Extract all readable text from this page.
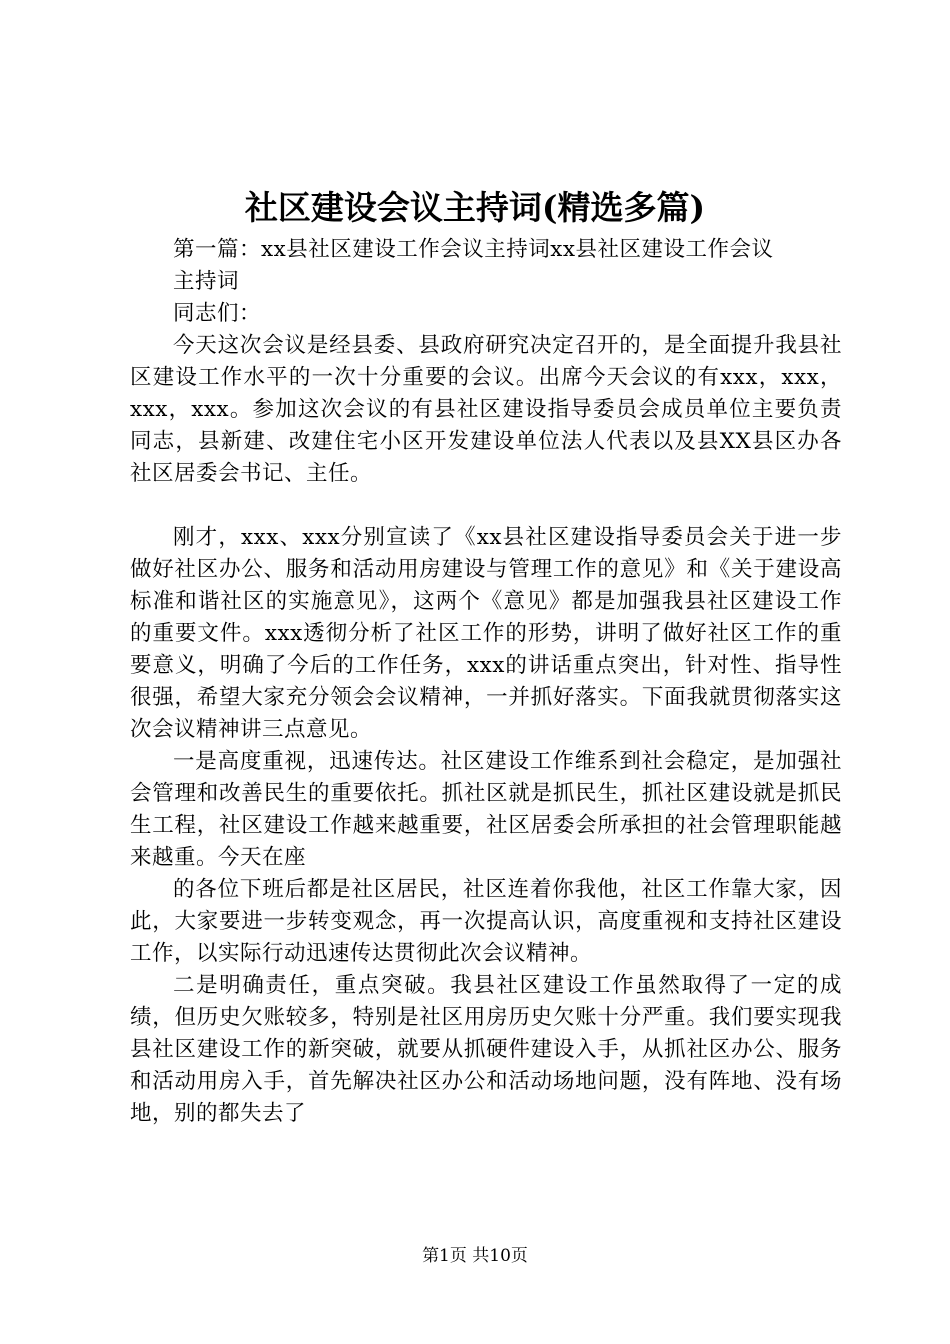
社区建设会议主持词(精选多篇)

第一篇：xx县社区建设工作会议主持词xx县社区建设工作会议

主持词

同志们：

今天这次会议是经县委、县政府研究决定召开的，是全面提升我县社区建设工作水平的一次十分重要的会议。出席今天会议的有xxx，xxx，xxx，xxx。参加这次会议的有县社区建设指导委员会成员单位主要负责同志，县新建、改建住宅小区开发建设单位法人代表以及县XX县区办各社区居委会书记、主任。

刚才，xxx、xxx分别宣读了《xx县社区建设指导委员会关于进一步做好社区办公、服务和活动用房建设与管理工作的意见》和《关于建设高标准和谐社区的实施意见》，这两个《意见》都是加强我县社区建设工作的重要文件。xxx透彻分析了社区工作的形势，讲明了做好社区工作的重要意义，明确了今后的工作任务，xxx的讲话重点突出，针对性、指导性很强，希望大家充分领会会议精神，一并抓好落实。下面我就贯彻落实这次会议精神讲三点意见。

一是高度重视，迅速传达。社区建设工作维系到社会稳定，是加强社会管理和改善民生的重要依托。抓社区就是抓民生，抓社区建设就是抓民生工程，社区建设工作越来越重要，社区居委会所承担的社会管理职能越来越重。今天在座

的各位下班后都是社区居民，社区连着你我他，社区工作靠大家，因此，大家要进一步转变观念，再一次提高认识，高度重视和支持社区建设工作，以实际行动迅速传达贯彻此次会议精神。

二是明确责任，重点突破。我县社区建设工作虽然取得了一定的成绩，但历史欠账较多，特别是社区用房历史欠账十分严重。我们要实现我县社区建设工作的新突破，就要从抓硬件建设入手，从抓社区办公、服务和活动用房入手，首先解决社区办公和活动场地问题，没有阵地、没有场地，别的都失去了

第1页 共10页
